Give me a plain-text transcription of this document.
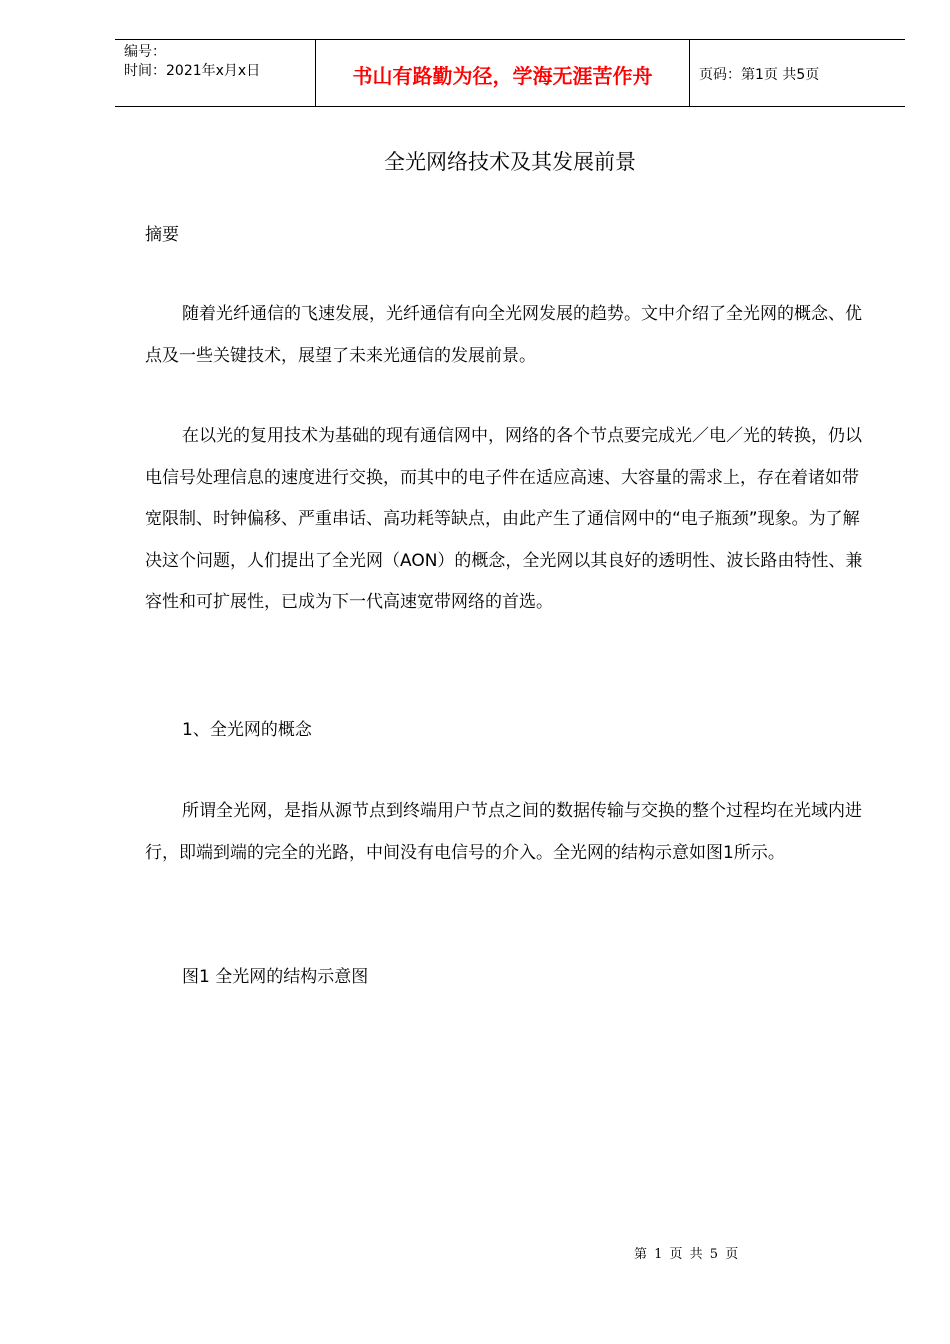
编号：
时间：2021年x月x日	书山有路勤为径，学海无涯苦作舟	页码：第1页 共5页
全光网络技术及其发展前景

摘要

随着光纤通信的飞速发展，光纤通信有向全光网发展的趋势。文中介绍了全光网的概念、优点及一些关键技术，展望了未来光通信的发展前景。

在以光的复用技术为基础的现有通信网中，网络的各个节点要完成光／电／光的转换，仍以电信号处理信息的速度进行交换，而其中的电子件在适应高速、大容量的需求上，存在着诸如带宽限制、时钟偏移、严重串话、高功耗等缺点，由此产生了通信网中的“电子瓶颈”现象。为了解决这个问题，人们提出了全光网（AON）的概念，全光网以其良好的透明性、波长路由特性、兼容性和可扩展性，已成为下一代高速宽带网络的首选。

1、全光网的概念

所谓全光网，是指从源节点到终端用户节点之间的数据传输与交换的整个过程均在光域内进行，即端到端的完全的光路，中间没有电信号的介入。全光网的结构示意如图1所示。

图1 全光网的结构示意图

第 1 页 共 5 页
